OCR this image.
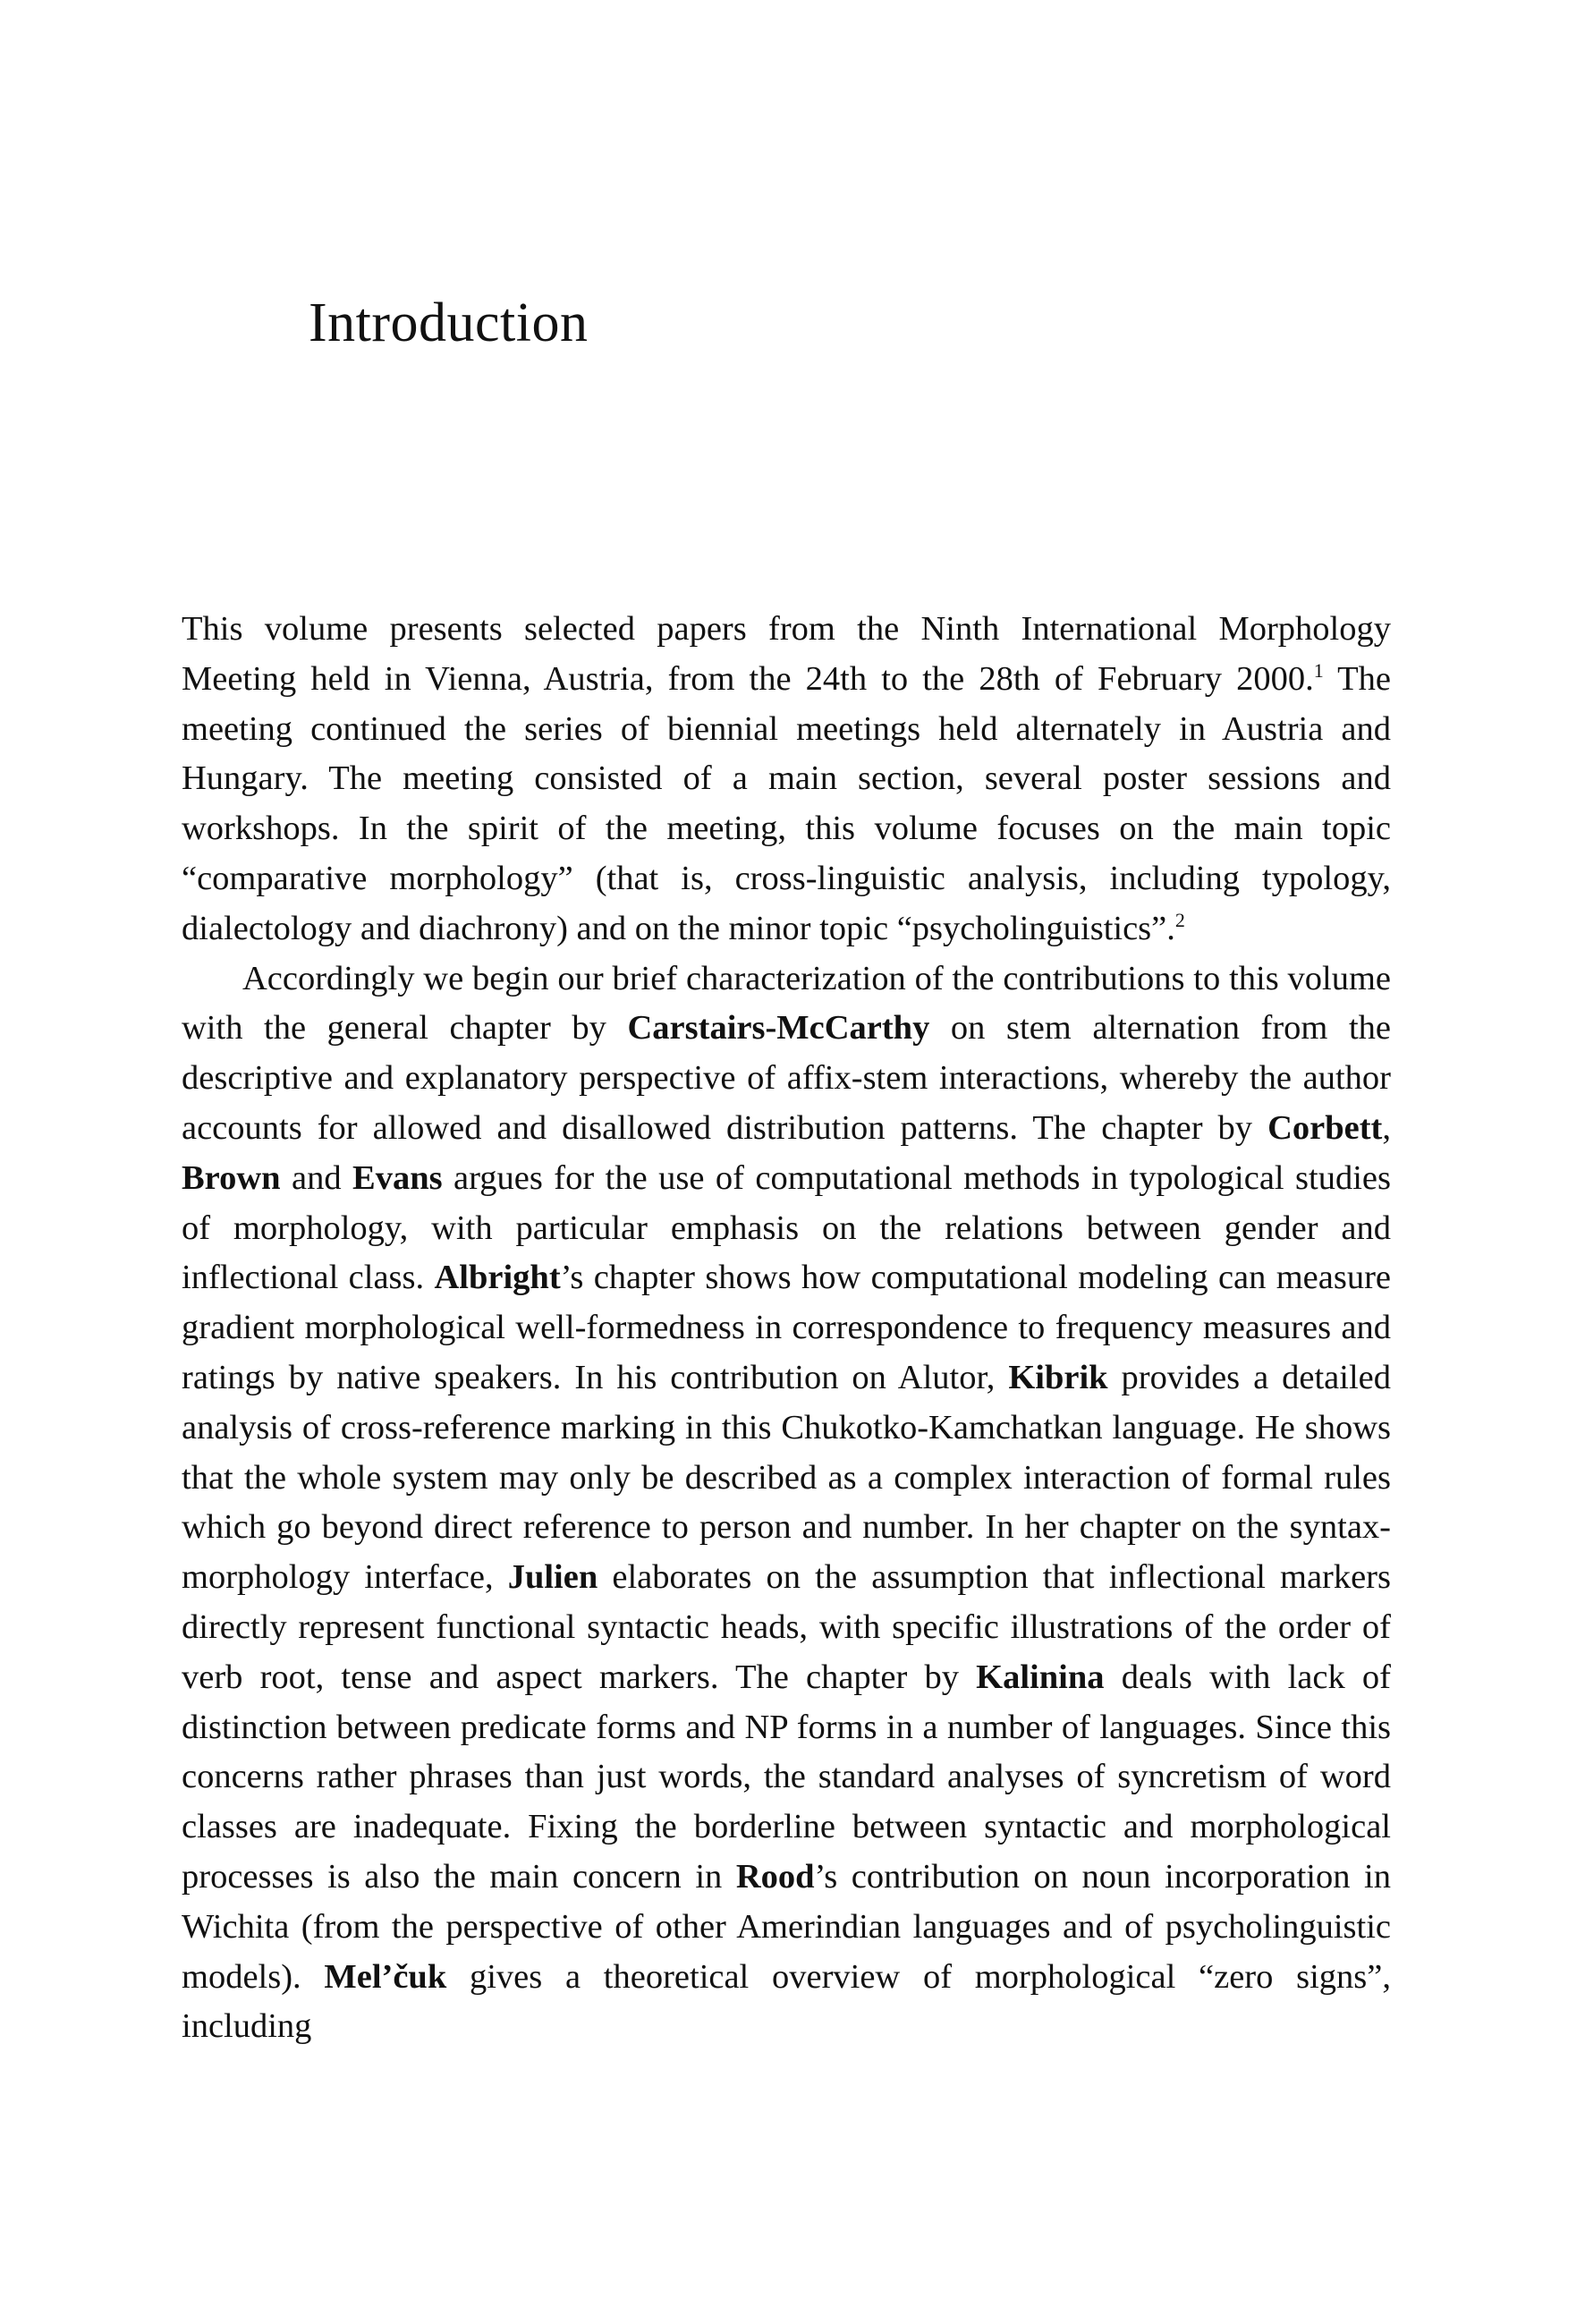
Introduction

This volume presents selected papers from the Ninth International Morphology Meeting held in Vienna, Austria, from the 24th to the 28th of February 2000.$^1$ The meeting continued the series of biennial meetings held alternately in Austria and Hungary. The meeting consisted of a main section, several poster sessions and workshops. In the spirit of the meeting, this volume focuses on the main topic “comparative morphology” (that is, cross-linguistic analysis, including typology, dialectology and diachrony) and on the minor topic “psycholinguistics”.$^2$

Accordingly we begin our brief characterization of the contributions to this volume with the general chapter by Carstairs-McCarthy on stem alternation from the descriptive and explanatory perspective of affix-stem interactions, whereby the author accounts for allowed and disallowed distribution patterns. The chapter by Corbett, Brown and Evans argues for the use of computational methods in typological studies of morphology, with particular emphasis on the relations between gender and inflectional class. Albright’s chapter shows how computational modeling can measure gradient morphological well-formedness in correspondence to frequency measures and ratings by native speakers. In his contribution on Alutor, Kibrik provides a detailed analysis of cross-reference marking in this Chukotko-Kamchatkan language. He shows that the whole system may only be described as a complex interaction of formal rules which go beyond direct reference to person and number. In her chapter on the syntax-morphology interface, Julien elaborates on the assumption that inflectional markers directly represent functional syntactic heads, with specific illustrations of the order of verb root, tense and aspect markers. The chapter by Kalinina deals with lack of distinction between predicate forms and NP forms in a number of languages. Since this concerns rather phrases than just words, the standard analyses of syncretism of word classes are inadequate. Fixing the borderline between syntactic and morphological processes is also the main concern in Rood’s contribution on noun incorporation in Wichita (from the perspective of other Amerindian languages and of psycholinguistic models). Mel’čuk gives a theoretical overview of morphological “zero signs”, including
